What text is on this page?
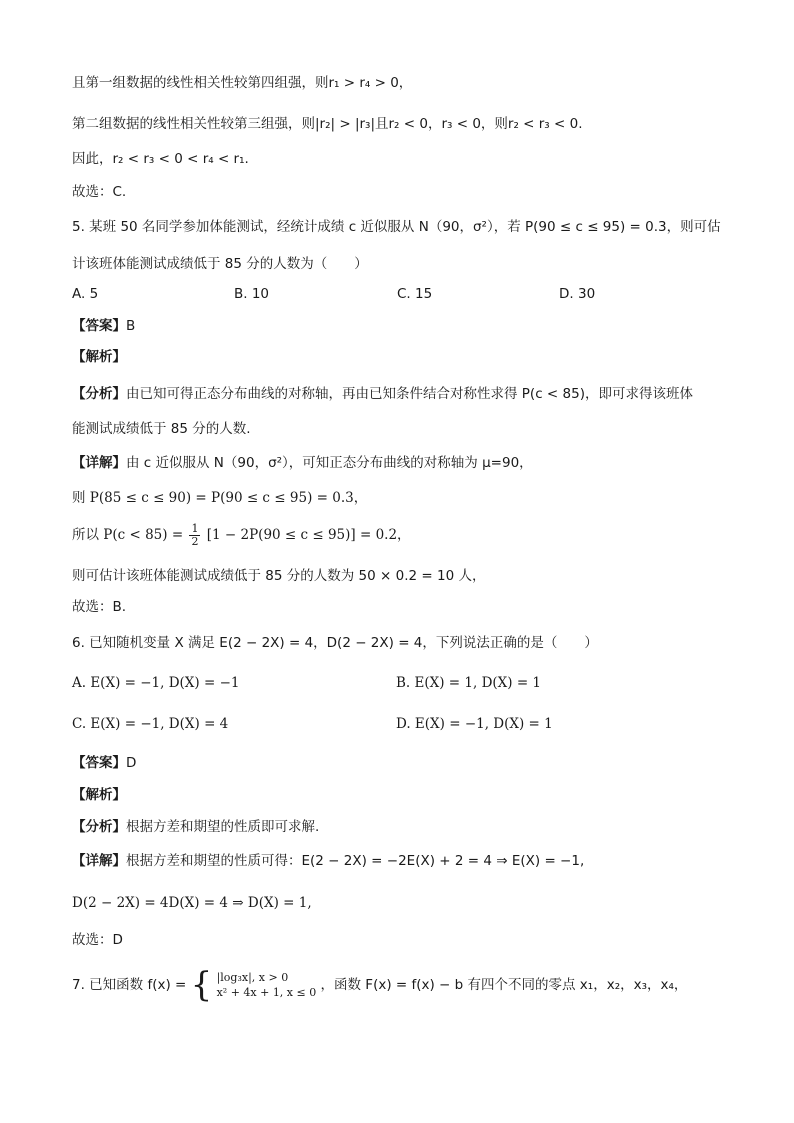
且第一组数据的线性相关性较第四组强，则r₁ > r₄ > 0，
第二组数据的线性相关性较第三组强，则|r₂| > |r₃|且r₂ < 0，r₃ < 0，则r₂ < r₃ < 0.
因此，r₂ < r₃ < 0 < r₄ < r₁.
故选：C.
5. 某班 50 名同学参加体能测试，经统计成绩 c 近似服从 N（90，σ²），若 P(90 ≤ c ≤ 95) = 0.3，则可估
计该班体能测试成绩低于 85 分的人数为（　　）
A. 5	B. 10	C. 15	D. 30
【答案】B
【解析】
【分析】由已知可得正态分布曲线的对称轴，再由已知条件结合对称性求得 P(c < 85)，即可求得该班体
能测试成绩低于 85 分的人数.
【详解】由 c 近似服从 N（90，σ²），可知正态分布曲线的对称轴为 μ=90，
则 P(85 ≤ c ≤ 90) = P(90 ≤ c ≤ 95) = 0.3，
所以 $P(c < 85) = \frac{1}{2} [1 - 2P(90 \le c \le 95)] = 0.2$，
则可估计该班体能测试成绩低于 85 分的人数为 50 × 0.2 = 10 人，
故选：B.
6. 已知随机变量 X 满足 E(2 − 2X) = 4，D(2 − 2X) = 4，下列说法正确的是（　　）
A. E(X) = −1, D(X) = −1	B. E(X) = 1, D(X) = 1
C. E(X) = −1, D(X) = 4	D. E(X) = −1, D(X) = 1
【答案】D
【解析】
【分析】根据方差和期望的性质即可求解.
【详解】根据方差和期望的性质可得：E(2 − 2X) = −2E(X) + 2 = 4 ⇒ E(X) = −1,
D(2 − 2X) = 4D(X) = 4 ⇒ D(X) = 1,
故选：D
7. 已知函数 f(x) = { |log₃x|, x > 0
x² + 4x + 1, x ≤ 0 ，函数 F(x) = f(x) − b 有四个不同的零点 x₁，x₂，x₃，x₄，
